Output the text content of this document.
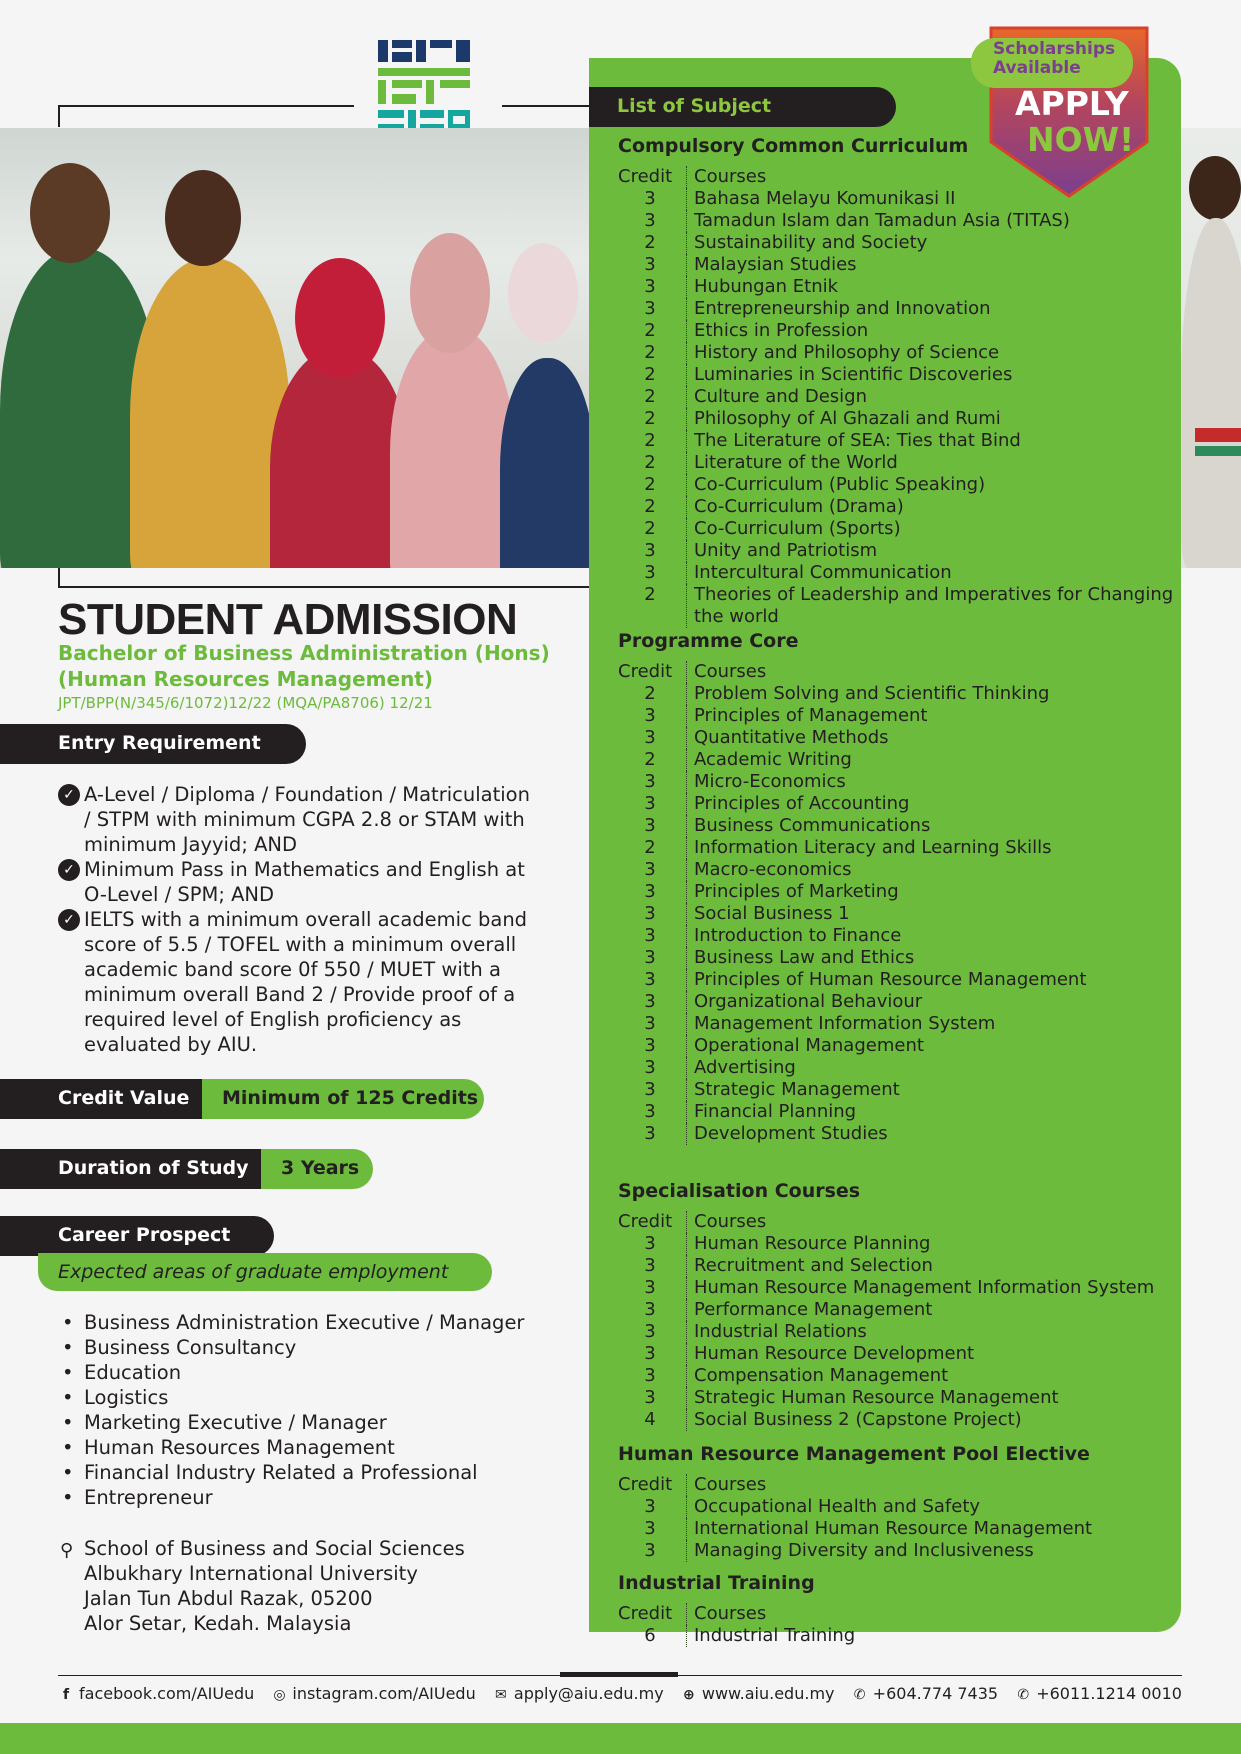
List of Subject
Compulsory Common Curriculum
Credit	Courses
3	Bahasa Melayu Komunikasi II
3	Tamadun Islam dan Tamadun Asia (TITAS)
2	Sustainability and Society
3	Malaysian Studies
3	Hubungan Etnik
3	Entrepreneurship and Innovation
2	Ethics in Profession
2	History and Philosophy of Science
2	Luminaries in Scientific Discoveries
2	Culture and Design
2	Philosophy of Al Ghazali and Rumi
2	The Literature of SEA: Ties that Bind
2	Literature of the World
2	Co-Curriculum (Public Speaking)
2	Co-Curriculum (Drama)
2	Co-Curriculum (Sports)
3	Unity and Patriotism
3	Intercultural Communication
2	Theories of Leadership and Imperatives for Changing the world
Programme Core
Credit	Courses
2	Problem Solving and Scientific Thinking
3	Principles of Management
3	Quantitative Methods
2	Academic Writing
3	Micro-Economics
3	Principles of Accounting
3	Business Communications
2	Information Literacy and Learning Skills
3	Macro-economics
3	Principles of Marketing
3	Social Business 1
3	Introduction to Finance
3	Business Law and Ethics
3	Principles of Human Resource Management
3	Organizational Behaviour
3	Management Information System
3	Operational Management
3	Advertising
3	Strategic Management
3	Financial Planning
3	Development Studies
Specialisation Courses
Credit	Courses
3	Human Resource Planning
3	Recruitment and Selection
3	Human Resource Management Information System
3	Performance Management
3	Industrial Relations
3	Human Resource Development
3	Compensation Management
3	Strategic Human Resource Management
4	Social Business 2 (Capstone Project)
Human Resource Management Pool Elective
Credit	Courses
3	Occupational Health and Safety
3	International Human Resource Management
3	Managing Diversity and Inclusiveness
Industrial Training
Credit	Courses
6	Industrial Training
Scholarships
Available
APPLY
NOW!
STUDENT ADMISSION
Bachelor of Business Administration (Hons)
(Human Resources Management)
JPT/BPP(N/345/6/1072)12/22 (MQA/PA8706) 12/21
Entry Requirement
✓ A-Level / Diploma / Foundation / Matriculation / STPM with minimum CGPA 2.8 or STAM with minimum Jayyid; AND
✓ Minimum Pass in Mathematics and English at O-Level / SPM; AND
✓ IELTS with a minimum overall academic band score of 5.5 / TOFEL with a minimum overall academic band score 0f 550 / MUET with a minimum overall Band 2 / Provide proof of a required level of English proficiency as evaluated by AIU.
Credit Value	Minimum of 125 Credits
Duration of Study	3 Years
Career Prospect
Expected areas of graduate employment
• Business Administration Executive / Manager
• Business Consultancy
• Education
• Logistics
• Marketing Executive / Manager
• Human Resources Management
• Financial Industry Related a Professional
• Entrepreneur
⚲ School of Business and Social Sciences
Albukhary International University
Jalan Tun Abdul Razak, 05200
Alor Setar, Kedah. Malaysia
f facebook.com/AIUedu ◎ instagram.com/AIUedu ✉ apply@aiu.edu.my ⊕ www.aiu.edu.my ✆ +604.774 7435 ✆ +6011.1214 0010
